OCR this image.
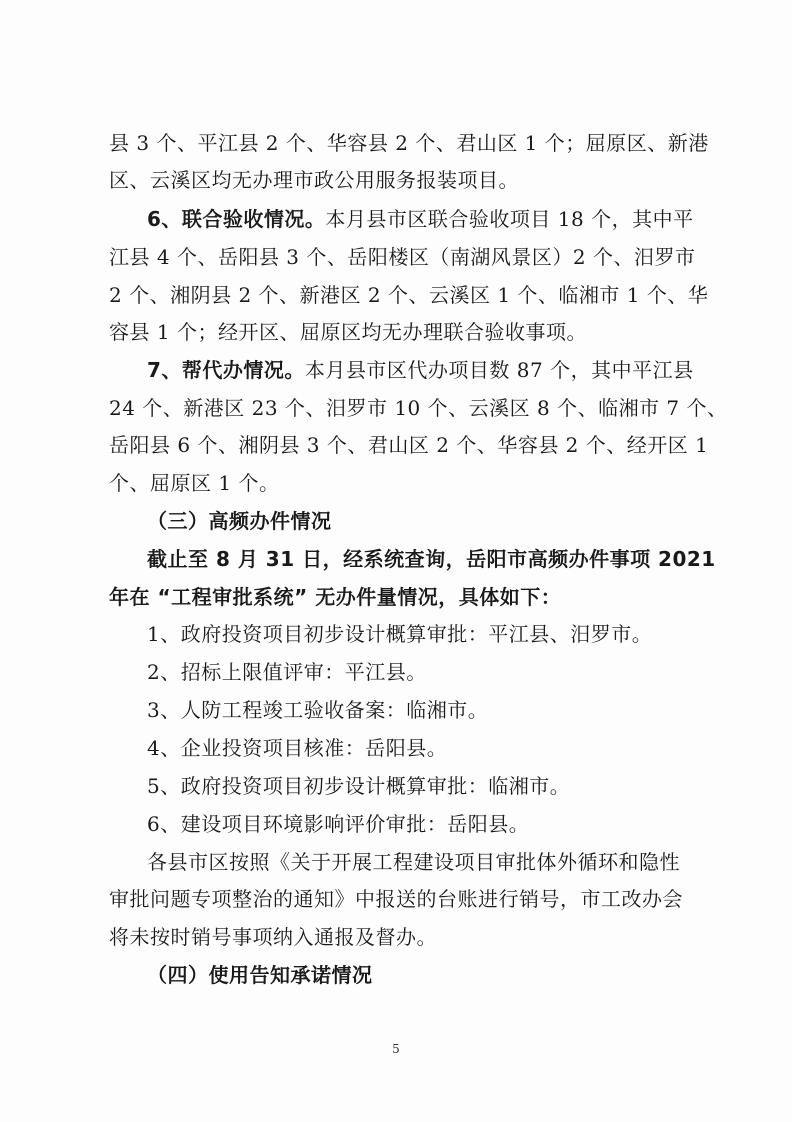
县 3 个、平江县 2 个、华容县 2 个、君山区 1 个；屈原区、新港
区、云溪区均无办理市政公用服务报装项目。
6、联合验收情况。本月县市区联合验收项目 18 个，其中平
江县 4 个、岳阳县 3 个、岳阳楼区（南湖风景区）2 个、汨罗市
2 个、湘阴县 2 个、新港区 2 个、云溪区 1 个、临湘市 1 个、华
容县 1 个；经开区、屈原区均无办理联合验收事项。
7、帮代办情况。本月县市区代办项目数 87 个，其中平江县
24 个、新港区 23 个、汨罗市 10 个、云溪区 8 个、临湘市 7 个、
岳阳县 6 个、湘阴县 3 个、君山区 2 个、华容县 2 个、经开区 1
个、屈原区 1 个。
（三）高频办件情况
截止至 8 月 31 日，经系统查询，岳阳市高频办件事项 2021
年在 “工程审批系统” 无办件量情况，具体如下：
1、政府投资项目初步设计概算审批：平江县、汨罗市。
2、招标上限值评审：平江县。
3、人防工程竣工验收备案：临湘市。
4、企业投资项目核准：岳阳县。
5、政府投资项目初步设计概算审批：临湘市。
6、建设项目环境影响评价审批：岳阳县。
各县市区按照《关于开展工程建设项目审批体外循环和隐性
审批问题专项整治的通知》中报送的台账进行销号，市工改办会
将未按时销号事项纳入通报及督办。
（四）使用告知承诺情况
5
